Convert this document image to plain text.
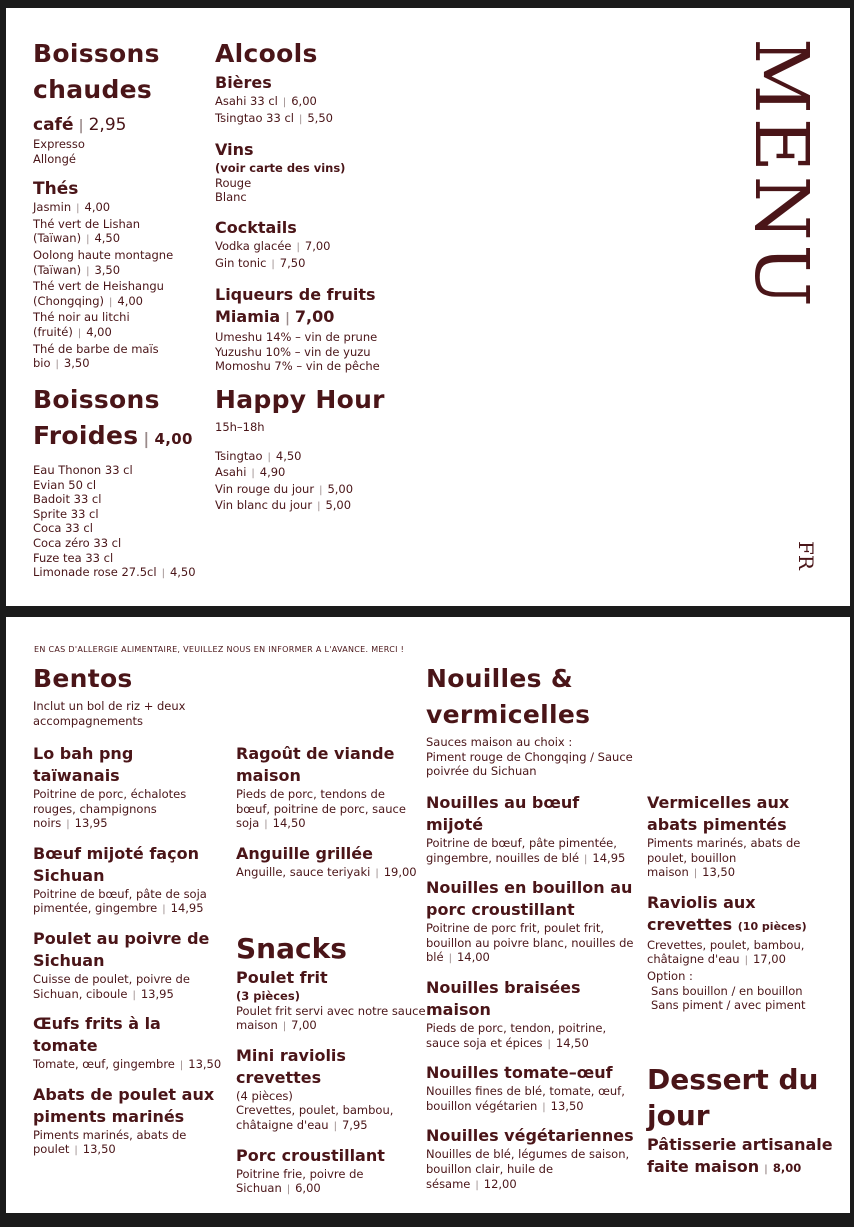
Boissons
chaudes
café | 2,95
Expresso
Allongé
Thés
Jasmin | 4,00
Thé vert de Lishan (Taïwan) | 4,50
Oolong haute montagne (Taïwan) | 3,50
Thé vert de Heishangu (Chongqing) | 4,00
Thé noir au litchi (fruité) | 4,00
Thé de barbe de maïs bio | 3,50
Boissons
Froides | 4,00
Eau Thonon 33 cl
Evian 50 cl
Badoit 33 cl
Sprite 33 cl
Coca 33 cl
Coca zéro 33 cl
Fuze tea 33 cl
Limonade rose 27.5cl | 4,50
Alcools
Bières
Asahi 33 cl | 6,00
Tsingtao 33 cl | 5,50
Vins
(voir carte des vins)
Rouge
Blanc
Cocktails
Vodka glacée | 7,00
Gin tonic | 7,50
Liqueurs de fruits
Miamia | 7,00
Umeshu 14% – vin de prune
Yuzushu 10% – vin de yuzu
Momoshu 7% – vin de pêche
Happy Hour
15h–18h
Tsingtao | 4,50
Asahi | 4,90
Vin rouge du jour | 5,00
Vin blanc du jour | 5,00
MENU
FR
EN CAS D'ALLERGIE ALIMENTAIRE, VEUILLEZ NOUS EN INFORMER A L'AVANCE. MERCI !
Bentos
Inclut un bol de riz + deux accompagnements
Lo bah png taïwanais
Poitrine de porc, échalotes rouges, champignons noirs | 13,95
Bœuf mijoté façon Sichuan
Poitrine de bœuf, pâte de soja pimentée, gingembre | 14,95
Poulet au poivre de Sichuan
Cuisse de poulet, poivre de Sichuan, ciboule | 13,95
Œufs frits à la tomate
Tomate, œuf, gingembre | 13,50
Abats de poulet aux piments marinés
Piments marinés, abats de poulet | 13,50
Ragoût de viande maison
Pieds de porc, tendons de bœuf, poitrine de porc, sauce soja | 14,50
Anguille grillée
Anguille, sauce teriyaki | 19,00
Snacks
Poulet frit
(3 pièces)
Poulet frit servi avec notre sauce maison | 7,00
Mini raviolis crevettes
(4 pièces)
Crevettes, poulet, bambou, châtaigne d'eau | 7,95
Porc croustillant
Poitrine frie, poivre de Sichuan | 6,00
Nouilles &
vermicelles
Sauces maison au choix :
Piment rouge de Chongqing / Sauce poivrée du Sichuan
Nouilles au bœuf mijoté
Poitrine de bœuf, pâte pimentée, gingembre, nouilles de blé | 14,95
Nouilles en bouillon au porc croustillant
Poitrine de porc frit, poulet frit, bouillon au poivre blanc, nouilles de blé | 14,00
Nouilles braisées maison
Pieds de porc, tendon, poitrine, sauce soja et épices | 14,50
Nouilles tomate–œuf
Nouilles fines de blé, tomate, œuf, bouillon végétarien | 13,50
Nouilles végétariennes
Nouilles de blé, légumes de saison, bouillon clair, huile de sésame | 12,00
Vermicelles aux abats pimentés
Piments marinés, abats de poulet, bouillon maison | 13,50
Raviolis aux crevettes (10 pièces)
Crevettes, poulet, bambou, châtaigne d'eau | 17,00
Option :
Sans bouillon / en bouillon
Sans piment / avec piment
Dessert du
jour
Pâtisserie artisanale faite maison | 8,00
